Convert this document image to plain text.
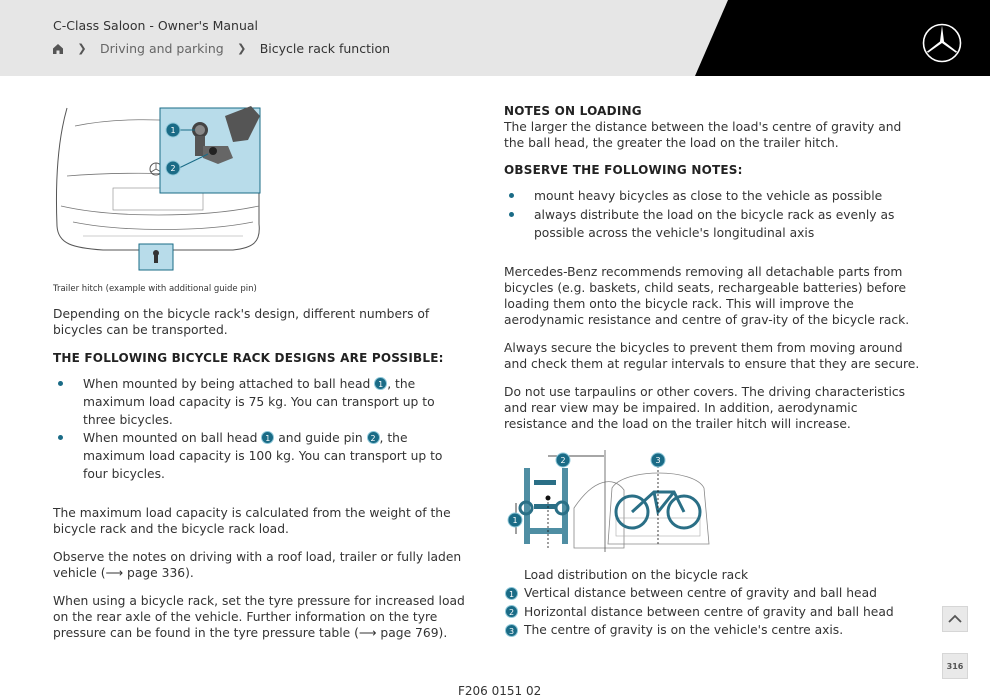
C-Class Saloon - Owner's Manual
❯	Driving and parking	❯	Bicycle rack function
1
2
Trailer hitch (example with additional guide pin)

Depending on the bicycle rack's design, different numbers of bicycles can be transported.

THE FOLLOWING BICYCLE RACK DESIGNS ARE POSSIBLE:
When mounted by being attached to ball head 1 , the maximum load capacity is 75 kg. You can transport up to three bicycles.
When mounted on ball head 1 and guide pin 2 , the maximum load capacity is 100 kg. You can transport up to four bicycles.

The maximum load capacity is calculated from the weight of the bicycle rack and the bicycle rack load.

Observe the notes on driving with a roof load, trailer or fully laden vehicle (⟶ page 336).

When using a bicycle rack, set the tyre pressure for increased load on the rear axle of the vehicle. Further information on the tyre pressure can be found in the tyre pressure table (⟶ page 769).

NOTES ON LOADING

The larger the distance between the load's centre of gravity and the ball head, the greater the load on the trailer hitch.

OBSERVE THE FOLLOWING NOTES:
mount heavy bicycles as close to the vehicle as possible
always distribute the load on the bicycle rack as evenly as possible across the vehicle's longitudinal axis

Mercedes-Benz recommends removing all detachable parts from bicycles (e.g. baskets, child seats, rechargeable batteries) before loading them onto the bicycle rack. This will improve the aerodynamic resistance and centre of grav-ity of the bicycle rack.

Always secure the bicycles to prevent them from moving around and check them at regular intervals to ensure that they are secure.

Do not use tarpaulins or other covers. The driving characteristics and rear view may be impaired. In addition, aerodynamic resistance and the load on the trailer hitch will increase.

2	3
1
Load distribution on the bicycle rack
1 Vertical distance between centre of gravity and ball head
2 Horizontal distance between centre of gravity and ball head
3 The centre of gravity is on the vehicle's centre axis.
316
F206 0151 02
